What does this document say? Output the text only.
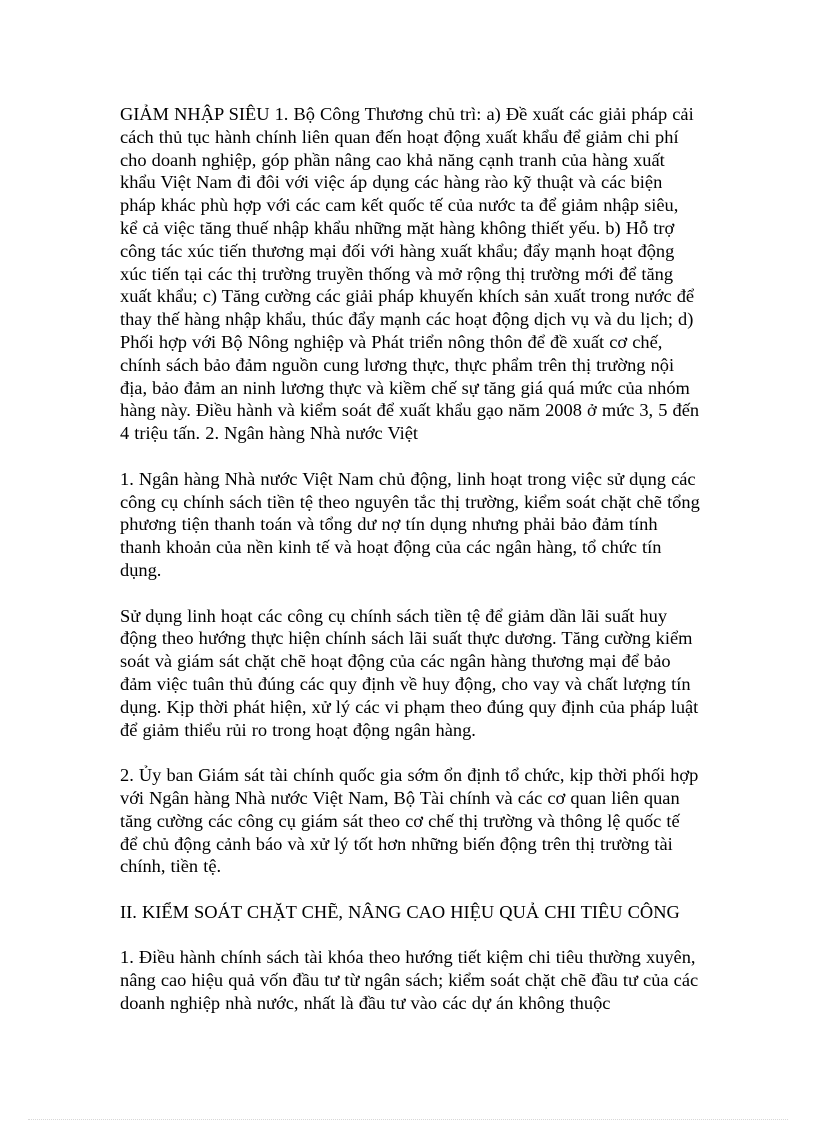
GIẢM NHẬP SIÊU 1. Bộ Công Thương chủ trì: a) Đề xuất các giải pháp cải cách thủ tục hành chính liên quan đến hoạt động xuất khẩu để giảm chi phí cho doanh nghiệp, góp phần nâng cao khả năng cạnh tranh của hàng xuất khẩu Việt Nam đi đôi với việc áp dụng các hàng rào kỹ thuật và các biện pháp khác phù hợp với các cam kết quốc tế của nước ta để giảm nhập siêu, kể cả việc tăng thuế nhập khẩu những mặt hàng không thiết yếu. b) Hỗ trợ công tác xúc tiến thương mại đối với hàng xuất khẩu; đẩy mạnh hoạt động xúc tiến tại các thị trường truyền thống và mở rộng thị trường mới để tăng xuất khẩu; c) Tăng cường các giải pháp khuyến khích sản xuất trong nước để thay thế hàng nhập khẩu, thúc đẩy mạnh các hoạt động dịch vụ và du lịch; d) Phối hợp với Bộ Nông nghiệp và Phát triển nông thôn để đề xuất cơ chế, chính sách bảo đảm nguồn cung lương thực, thực phẩm trên thị trường nội địa, bảo đảm an ninh lương thực và kiềm chế sự tăng giá quá mức của nhóm hàng này. Điều hành và kiểm soát để xuất khẩu gạo năm 2008 ở mức 3, 5 đến 4 triệu tấn. 2. Ngân hàng Nhà nước Việt

1. Ngân hàng Nhà nước Việt Nam chủ động, linh hoạt trong việc sử dụng các công cụ chính sách tiền tệ theo nguyên tắc thị trường, kiểm soát chặt chẽ tổng phương tiện thanh toán và tổng dư nợ tín dụng nhưng phải bảo đảm tính thanh khoản của nền kinh tế và hoạt động của các ngân hàng, tổ chức tín dụng.

Sử dụng linh hoạt các công cụ chính sách tiền tệ để giảm dần lãi suất huy động theo hướng thực hiện chính sách lãi suất thực dương. Tăng cường kiểm soát và giám sát chặt chẽ hoạt động của các ngân hàng thương mại để bảo đảm việc tuân thủ đúng các quy định về huy động, cho vay và chất lượng tín dụng. Kịp thời phát hiện, xử lý các vi phạm theo đúng quy định của pháp luật để giảm thiểu rủi ro trong hoạt động ngân hàng.

2. Ủy ban Giám sát tài chính quốc gia sớm ổn định tổ chức, kịp thời phối hợp với Ngân hàng Nhà nước Việt Nam, Bộ Tài chính và các cơ quan liên quan tăng cường các công cụ giám sát theo cơ chế thị trường và thông lệ quốc tế để chủ động cảnh báo và xử lý tốt hơn những biến động trên thị trường tài chính, tiền tệ.

II. KIỂM SOÁT CHẶT CHẼ, NÂNG CAO HIỆU QUẢ CHI TIÊU CÔNG

1. Điều hành chính sách tài khóa theo hướng tiết kiệm chi tiêu thường xuyên, nâng cao hiệu quả vốn đầu tư từ ngân sách; kiểm soát chặt chẽ đầu tư của các doanh nghiệp nhà nước, nhất là đầu tư vào các dự án không thuộc
